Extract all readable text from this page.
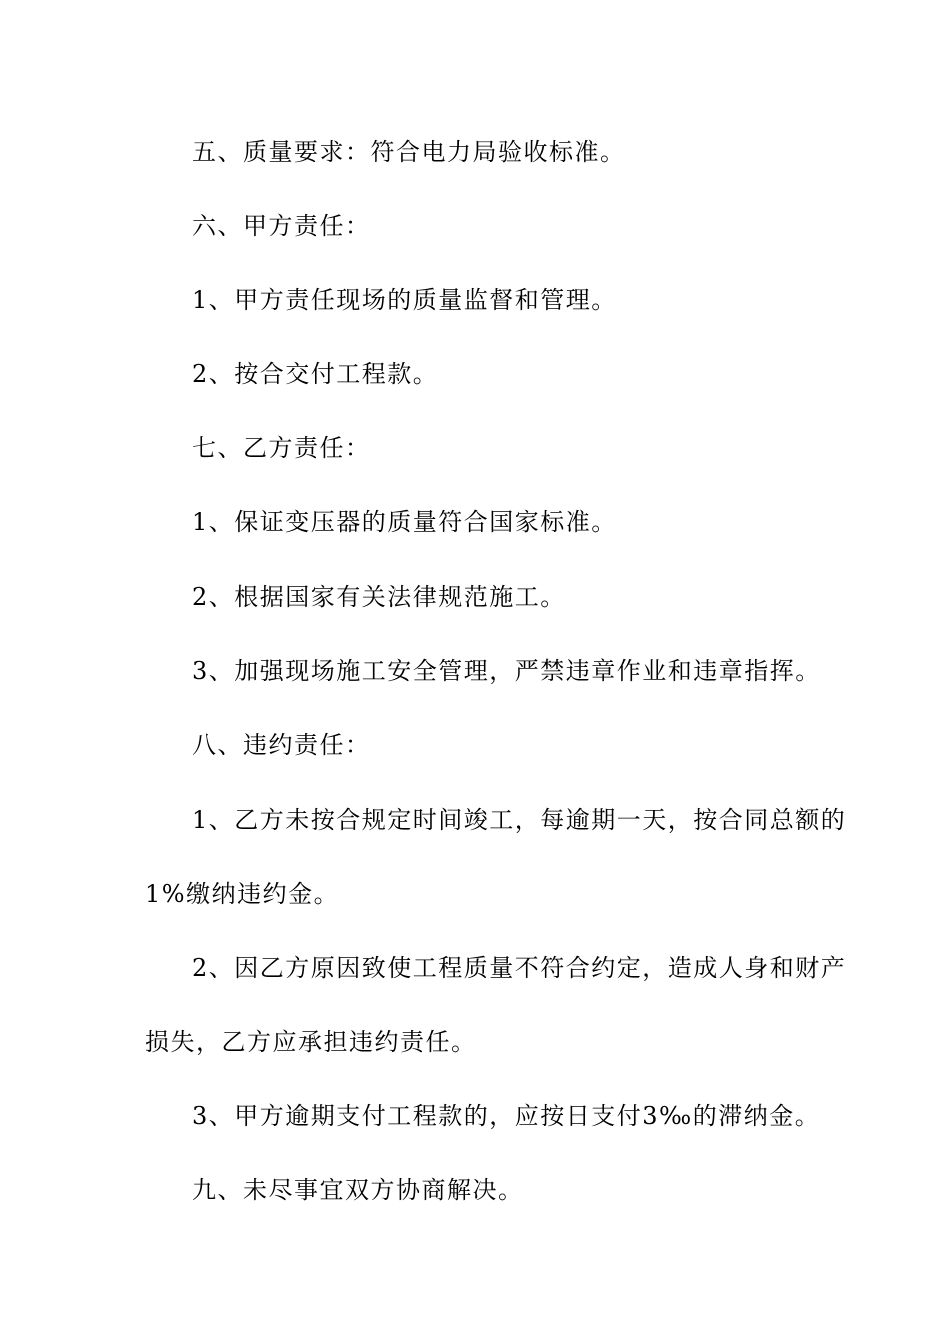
五、质量要求：符合电力局验收标准。

六、甲方责任：

1、甲方责任现场的质量监督和管理。

2、按合交付工程款。

七、乙方责任：

1、保证变压器的质量符合国家标准。

2、根据国家有关法律规范施工。

3、加强现场施工安全管理，严禁违章作业和违章指挥。

八、违约责任：

1、乙方未按合规定时间竣工，每逾期一天，按合同总额的

1%缴纳违约金。

2、因乙方原因致使工程质量不符合约定，造成人身和财产

损失，乙方应承担违约责任。

3、甲方逾期支付工程款的，应按日支付3‰的滞纳金。

九、未尽事宜双方协商解决。
